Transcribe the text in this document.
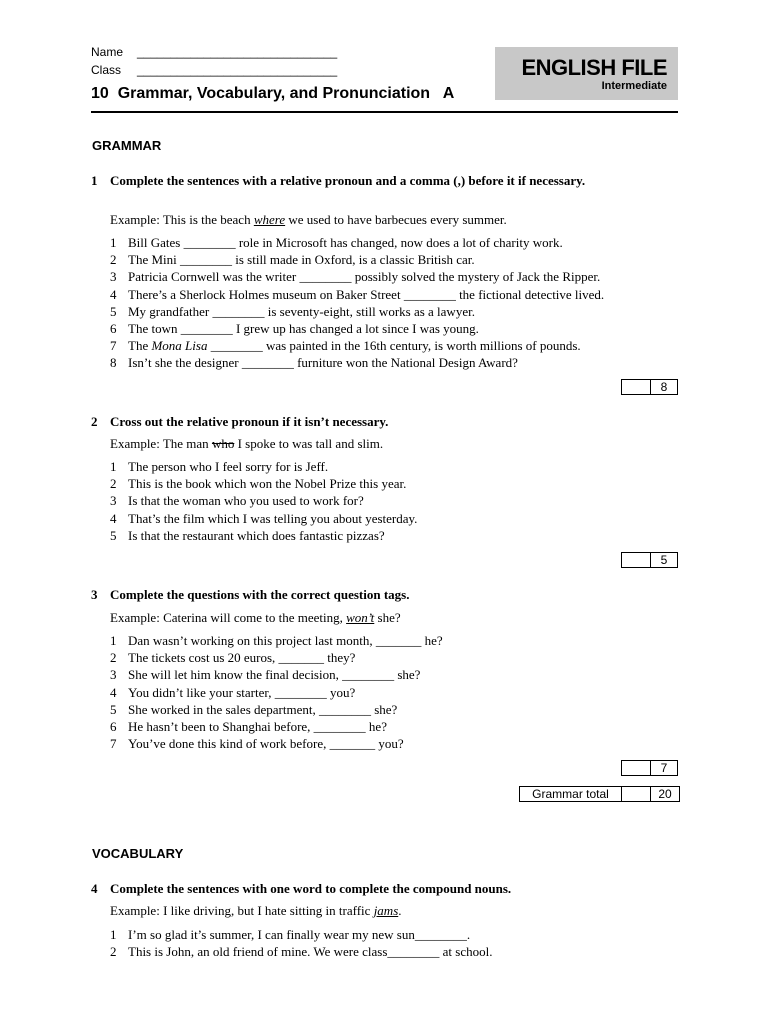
Name ______________________________
Class ______________________________	ENGLISH FILE
Intermediate
10  Grammar, Vocabulary, and Pronunciation   A
GRAMMAR
1 Complete the sentences with a relative pronoun and a comma (,) before it if necessary.
Example: This is the beach where we used to have barbecues every summer.
1 Bill Gates ________ role in Microsoft has changed, now does a lot of charity work.
2 The Mini ________ is still made in Oxford, is a classic British car.
3 Patricia Cornwell was the writer ________ possibly solved the mystery of Jack the Ripper.
4 There’s a Sherlock Holmes museum on Baker Street ________ the fictional detective lived.
5 My grandfather ________ is seventy-eight, still works as a lawyer.
6 The town ________ I grew up has changed a lot since I was young.
7 The Mona Lisa ________ was painted in the 16th century, is worth millions of pounds.
8 Isn’t she the designer ________ furniture won the National Design Award?
8
2 Cross out the relative pronoun if it isn’t necessary.
Example: The man who I spoke to was tall and slim.
1 The person who I feel sorry for is Jeff.
2 This is the book which won the Nobel Prize this year.
3 Is that the woman who you used to work for?
4 That’s the film which I was telling you about yesterday.
5 Is that the restaurant which does fantastic pizzas?
5
3 Complete the questions with the correct question tags.
Example: Caterina will come to the meeting, won’t she?
1 Dan wasn’t working on this project last month, _______ he?
2 The tickets cost us 20 euros, _______ they?
3 She will let him know the final decision, ________ she?
4 You didn’t like your starter, ________ you?
5 She worked in the sales department, ________ she?
6 He hasn’t been to Shanghai before, ________ he?
7 You’ve done this kind of work before, _______ you?
7
Grammar total	20
VOCABULARY
4 Complete the sentences with one word to complete the compound nouns.
Example: I like driving, but I hate sitting in traffic jams.
1 I’m so glad it’s summer, I can finally wear my new sun________.
2 This is John, an old friend of mine. We were class________ at school.
